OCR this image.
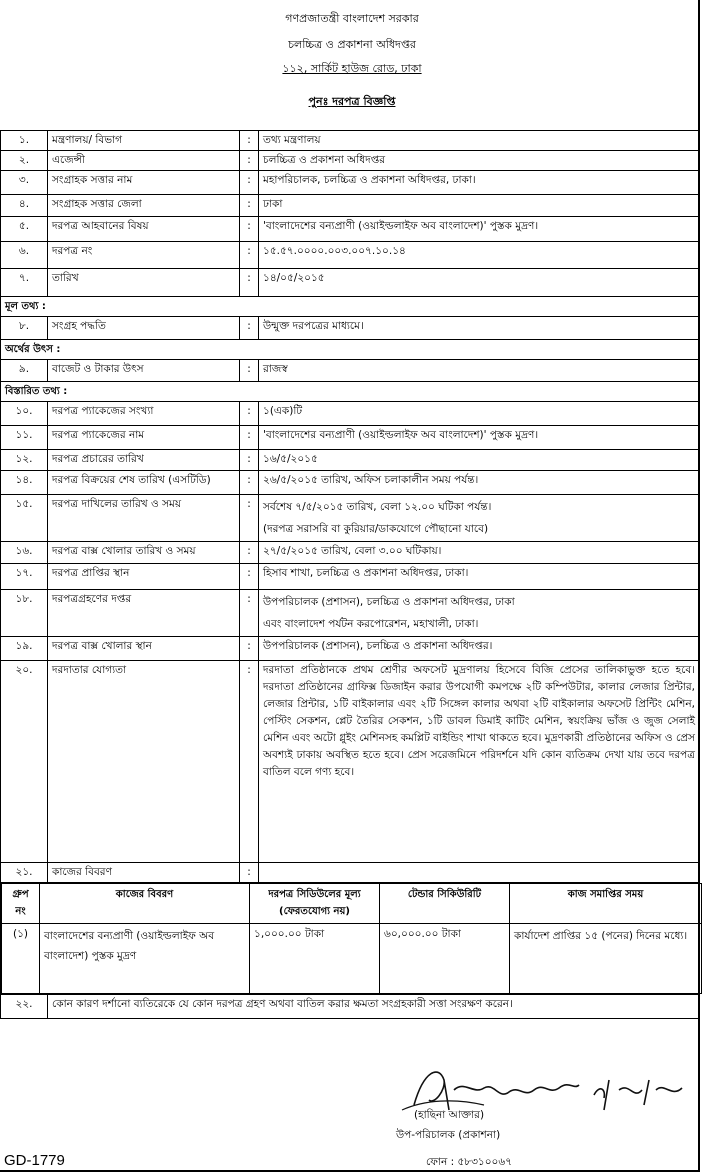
গণপ্রজাতন্ত্রী বাংলাদেশ সরকার
চলচ্চিত্র ও প্রকাশনা অধিদপ্তর
১১২, সার্কিট হাউজ রোড, ঢাকা
পুনঃ দরপত্র বিজ্ঞপ্তি
১.	মন্ত্রণালয়/ বিভাগ	:	তথ্য মন্ত্রণালয়
২.	এজেন্সী	:	চলচ্চিত্র ও প্রকাশনা অধিদপ্তর
৩.	সংগ্রাহক সত্তার নাম	:	মহাপরিচালক, চলচ্চিত্র ও প্রকাশনা অধিদপ্তর, ঢাকা।
৪.	সংগ্রাহক সত্তার জেলা	:	ঢাকা
৫.	দরপত্র আহবানের বিষয়	:	'বাংলাদেশের বন্যপ্রাণী (ওয়াইল্ডলাইফ অব বাংলাদেশ)' পুস্তক মুদ্রণ।
৬.	দরপত্র নং	:	১৫.৫৭.০০০০.০০৩.০০৭.১০.১৪
৭.	তারিখ	:	১৪/০৫/২০১৫
মূল তথ্য :
৮.	সংগ্রহ পদ্ধতি	:	উন্মুক্ত দরপত্রের মাধ্যমে।
অর্থের উৎস :
৯.	বাজেট ও টাকার উৎস	:	রাজস্ব
বিস্তারিত তথ্য :
১০.	দরপত্র প্যাকেজের সংখ্যা	:	১(এক)টি
১১.	দরপত্র প্যাকেজের নাম	:	'বাংলাদেশের বন্যপ্রাণী (ওয়াইল্ডলাইফ অব বাংলাদেশ)' পুস্তক মুদ্রণ।
১২.	দরপত্র প্রচারের তারিখ	:	১৬/৫/২০১৫
১৪.	দরপত্র বিক্রয়ের শেষ তারিখ (এসটিডি)	:	২৬/৫/২০১৫ তারিখ, অফিস চলাকালীন সময় পর্যন্ত।
১৫.	দরপত্র দাখিলের তারিখ ও সময়	:	সর্বশেষ ৭/৫/২০১৫ তারিখ, বেলা ১২.০০ ঘটিকা পর্যন্ত।
(দরপত্র সরাসরি বা কুরিয়ার/ডাকযোগে পৌছানো যাবে)

১৬.	দরপত্র বাক্স খোলার তারিখ ও সময়	:	২৭/৫/২০১৫ তারিখ, বেলা ৩.০০ ঘটিকায়।
১৭.	দরপত্র প্রাপ্তির স্থান	:	হিসাব শাখা, চলচ্চিত্র ও প্রকাশনা অধিদপ্তর, ঢাকা।
১৮.	দরপত্রগ্রহণের দপ্তর	:	উপপরিচালক (প্রশাসন), চলচ্চিত্র ও প্রকাশনা অধিদপ্তর, ঢাকা
এবং বাংলাদেশ পর্যটন করপোরেশন, মহাখালী, ঢাকা।

১৯.	দরপত্র বাক্স খোলার স্থান	:	উপপরিচালক (প্রশাসন), চলচ্চিত্র ও প্রকাশনা অধিদপ্তর।
২০.	দরদাতার যোগ্যতা	:	দরদাতা প্রতিষ্ঠানকে প্রথম শ্রেণীর অফসেট মুদ্রণালয় হিসেবে বিজি প্রেসের তালিকাভুক্ত হতে হবে। দরদাতা প্রতিষ্ঠানের গ্রাফিক্স ডিজাইন করার উপযোগী কমপক্ষে ২টি কম্পিউটার, কালার লেজার প্রিন্টার, লেজার প্রিন্টার, ১টি বাইকালার এবং ২টি সিঙ্গেল কালার অথবা ২টি বাইকালার অফসেট প্রিন্টিং মেশিন, পেস্টিং সেকশন, প্লেট তৈরির সেকশন, ১টি ডাবল ডিমাই কাটিং মেশিন, স্বয়ংক্রিয় ভাঁজ ও জুজ সেলাই মেশিন এবং অটো গ্লুইং মেশিনসহ কমপ্লিট বাইন্ডিং শাখা থাকতে হবে। মুদ্রণকারী প্রতিষ্ঠানের অফিস ও প্রেস অবশ্যই ঢাকায় অবস্থিত হতে হবে। প্রেস সরেজমিনে পরিদর্শনে যদি কোন ব্যতিক্রম দেখা যায় তবে দরপত্র বাতিল বলে গণ্য হবে।
২১.	কাজের বিবরণ	:	

গ্রুপ নং	কাজের বিবরণ	দরপত্র সিডিউলের মূল্য (ফেরতযোগ্য নয়)	টেন্ডার সিকিউরিটি	কাজ সমাপ্তির সময়
(১)	বাংলাদেশের বন্যপ্রাণী (ওয়াইল্ডলাইফ অব বাংলাদেশ) পুস্তক মুদ্রণ	১,০০০.০০ টাকা	৬০,০০০.০০ টাকা	কার্যাদেশ প্রাপ্তির ১৫ (পনের) দিনের মধ্যে।

২২.	কোন কারণ দর্শানো ব্যতিরেকে যে কোন দরপত্র গ্রহণ অথবা বাতিল করার ক্ষমতা সংগ্রহকারী সত্তা সংরক্ষণ করেন।
(হাছিনা আক্তার)
উপ-পরিচালক (প্রকাশনা)
ফোন : ৫৮৩১০০৬৭
GD-1779
